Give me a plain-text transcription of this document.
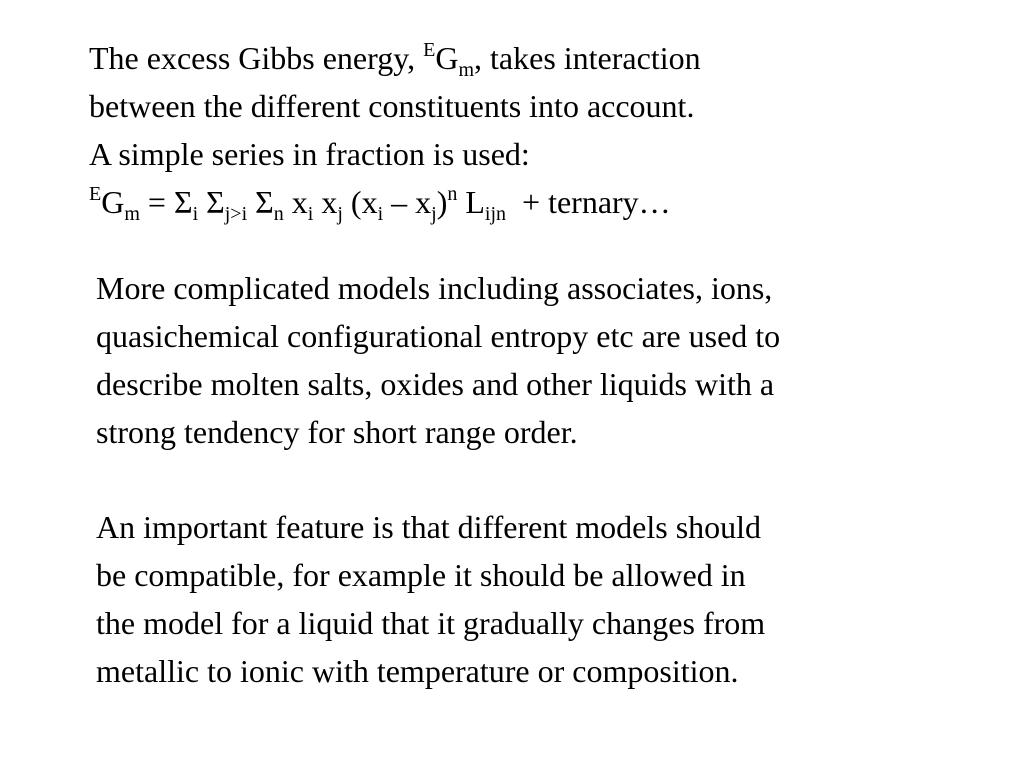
The excess Gibbs energy, $^EG_m$, takes interaction
between the different constituents into account.
A simple series in fraction is used:
$^EG_m = \Sigma_i$ $\Sigma_{j>i}$ $\Sigma_n$ $x_i$ $x_j$ $(x_i - x_j)^n$ $L_{ijn}$  + ternary…
More complicated models including associates, ions,
quasichemical configurational entropy etc are used to
describe molten salts, oxides and other liquids with a
strong tendency for short range order.
An important feature is that different models should
be compatible, for example it should be allowed in
the model for a liquid that it gradually changes from
metallic to ionic with temperature or composition.
